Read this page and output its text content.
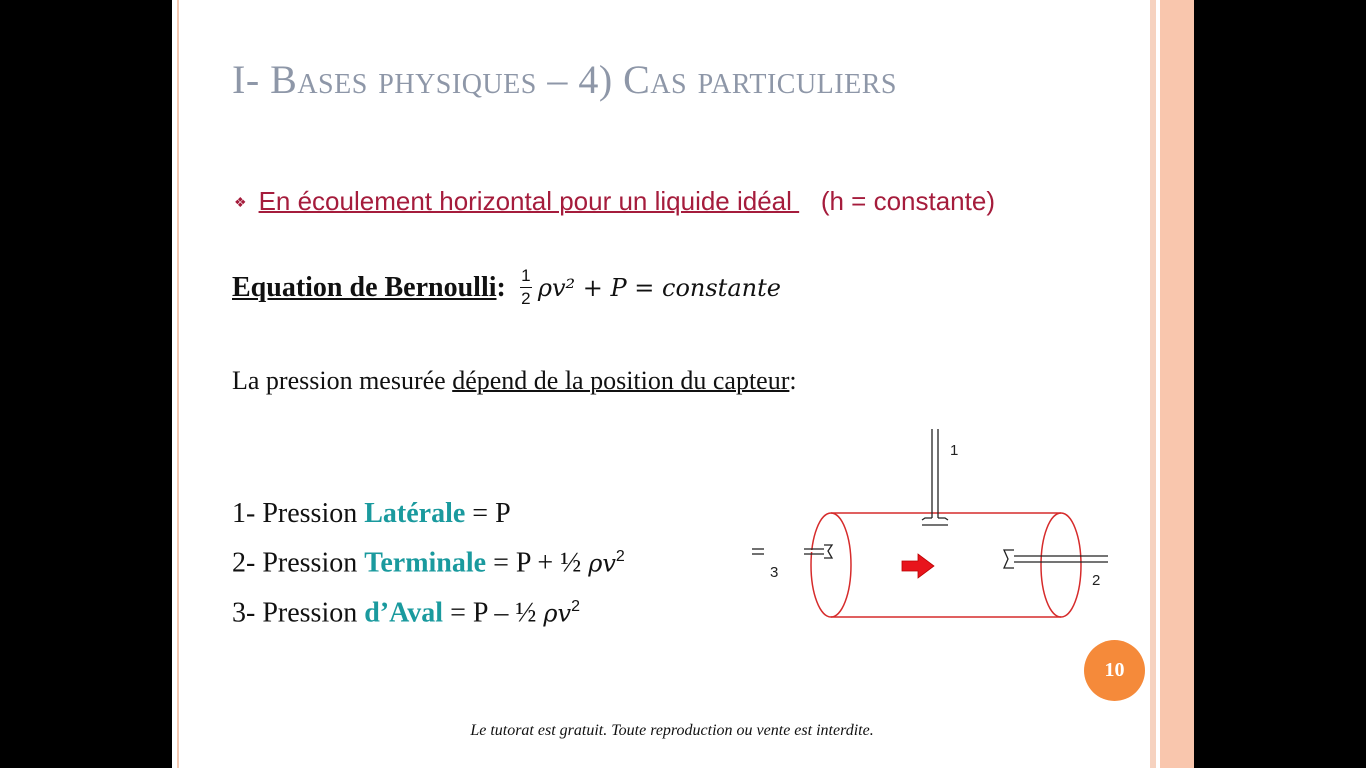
I- Bases physiques – 4) Cas particuliers
❖ En écoulement horizontal pour un liquide idéal    (h = constante)
Equation de Bernoulli : $\frac{1}{2} \rho v^2 + P$ = constante
La pression mesurée dépend de la position du capteur:
1- Pression Latérale = P
2- Pression Terminale = P + ½ $\rho v^2$
3- Pression d’Aval = P – ½ $\rho v^2$
1
3	2
10
Le tutorat est gratuit. Toute reproduction ou vente est interdite.
